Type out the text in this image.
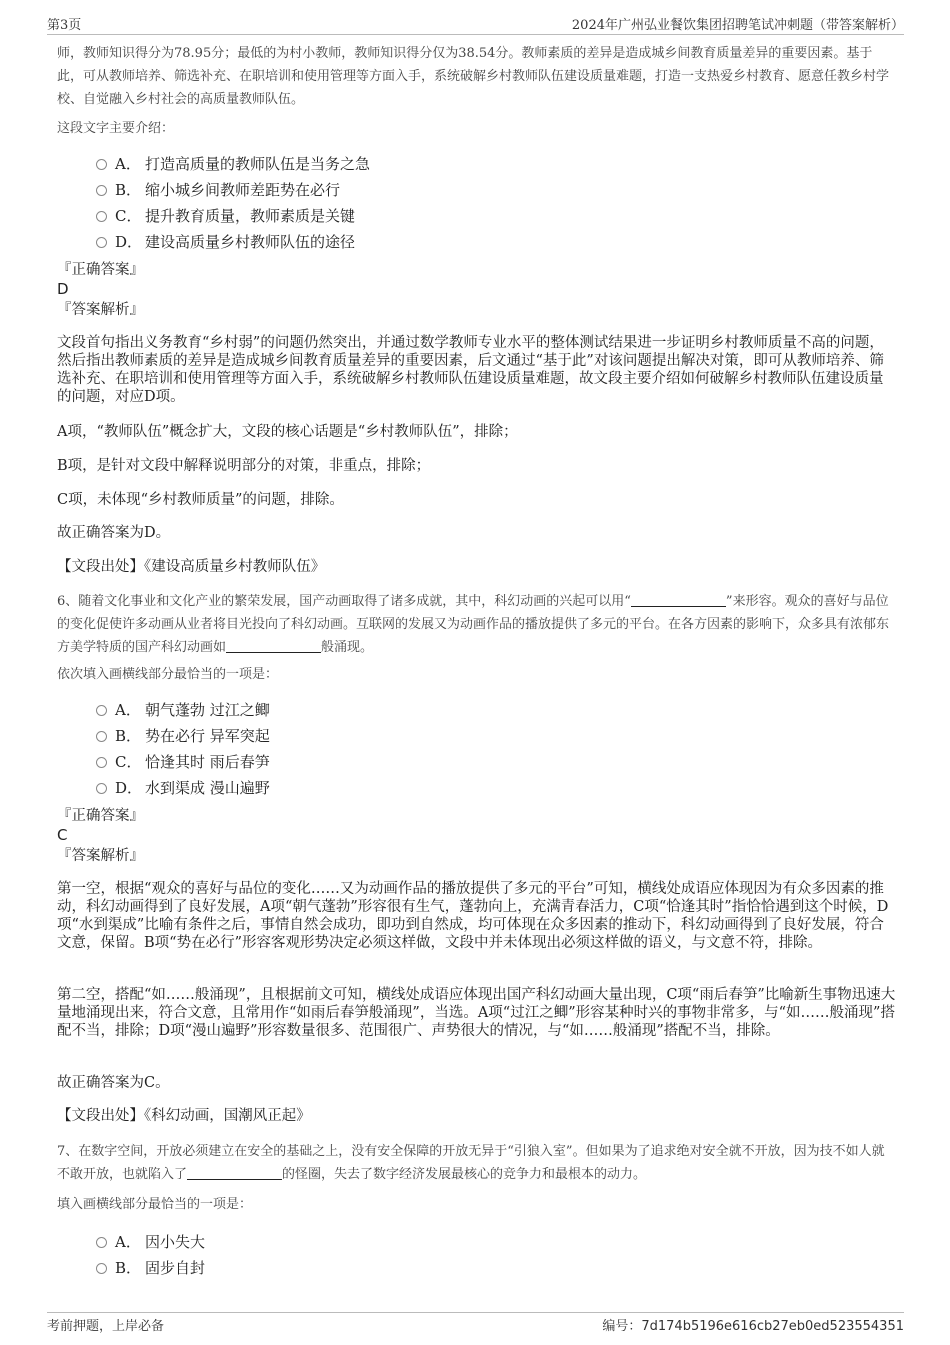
第3页	2024年广州弘业餐饮集团招聘笔试冲刺题（带答案解析）

师，教师知识得分为78.95分；最低的为村小教师，教师知识得分仅为38.54分。教师素质的差异是造成城乡间教育质量差异的重要因素。基于此，可从教师培养、筛选补充、在职培训和使用管理等方面入手，系统破解乡村教师队伍建设质量难题，打造一支热爱乡村教育、愿意任教乡村学校、自觉融入乡村社会的高质量教师队伍。

这段文字主要介绍：
A． 打造高质量的教师队伍是当务之急
B． 缩小城乡间教师差距势在必行
C． 提升教育质量，教师素质是关键
D． 建设高质量乡村教师队伍的途径
『正确答案』
D
『答案解析』
文段首句指出义务教育“乡村弱”的问题仍然突出，并通过数学教师专业水平的整体测试结果进一步证明乡村教师质量不高的问题，然后指出教师素质的差异是造成城乡间教育质量差异的重要因素，后文通过“基于此”对该问题提出解决对策，即可从教师培养、筛选补充、在职培训和使用管理等方面入手，系统破解乡村教师队伍建设质量难题，故文段主要介绍如何破解乡村教师队伍建设质量的问题，对应D项。
A项，“教师队伍”概念扩大，文段的核心话题是“乡村教师队伍”，排除；
B项，是针对文段中解释说明部分的对策，非重点，排除；
C项，未体现“乡村教师质量”的问题，排除。
故正确答案为D。
【文段出处】《建设高质量乡村教师队伍》
6、随着文化事业和文化产业的繁荣发展，国产动画取得了诸多成就，其中，科幻动画的兴起可以用“	”来形容。观众的喜好与品位的变化促使许多动画从业者将目光投向了科幻动画。互联网的发展又为动画作品的播放提供了多元的平台。在各方因素的影响下，众多具有浓郁东方美学特质的国产科幻动画如	般涌现。
依次填入画横线部分最恰当的一项是：
A． 朝气蓬勃 过江之鲫
B． 势在必行 异军突起
C． 恰逢其时 雨后春笋
D． 水到渠成 漫山遍野
『正确答案』
C
『答案解析』
第一空，根据“观众的喜好与品位的变化……又为动画作品的播放提供了多元的平台”可知，横线处成语应体现因为有众多因素的推动，科幻动画得到了良好发展，A项“朝气蓬勃”形容很有生气，蓬勃向上，充满青春活力，C项“恰逢其时”指恰恰遇到这个时候，D项“水到渠成”比喻有条件之后，事情自然会成功，即功到自然成，均可体现在众多因素的推动下，科幻动画得到了良好发展，符合文意，保留。B项“势在必行”形容客观形势决定必须这样做，文段中并未体现出必须这样做的语义，与文意不符，排除。
第二空，搭配“如……般涌现”，且根据前文可知，横线处成语应体现出国产科幻动画大量出现，C项“雨后春笋”比喻新生事物迅速大量地涌现出来，符合文意，且常用作“如雨后春笋般涌现”，当选。A项“过江之鲫”形容某种时兴的事物非常多，与“如……般涌现”搭配不当，排除；D项“漫山遍野”形容数量很多、范围很广、声势很大的情况，与“如……般涌现”搭配不当，排除。
故正确答案为C。
【文段出处】《科幻动画，国潮风正起》
7、在数字空间，开放必须建立在安全的基础之上，没有安全保障的开放无异于“引狼入室”。但如果为了追求绝对安全就不开放，因为技不如人就不敢开放，也就陷入了	的怪圈，失去了数字经济发展最核心的竞争力和最根本的动力。
填入画横线部分最恰当的一项是：
A． 因小失大
B． 固步自封
考前押题，上岸必备	编号：7d174b5196e616cb27eb0ed523554351
